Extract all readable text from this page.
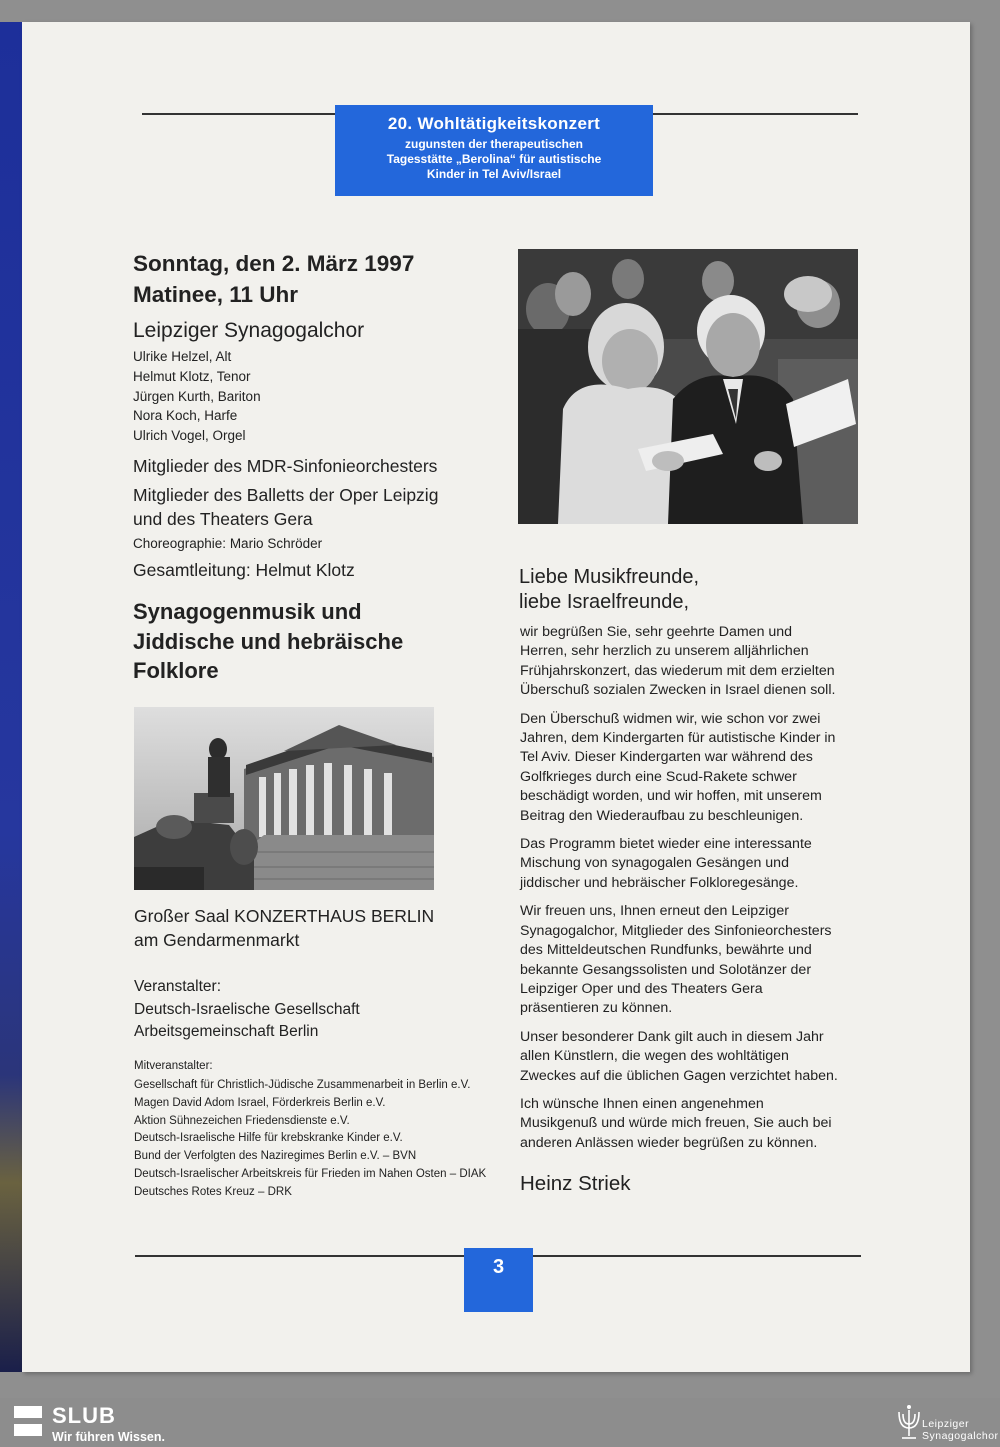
20. Wohltätigkeitskonzert
zugunsten der therapeutischen
Tagesstätte „Berolina“ für autistische
Kinder in Tel Aviv/Israel
Sonntag, den 2. März 1997
Matinee, 11 Uhr
Leipziger Synagogalchor
Ulrike Helzel, Alt
Helmut Klotz, Tenor
Jürgen Kurth, Bariton
Nora Koch, Harfe
Ulrich Vogel, Orgel
Mitglieder des MDR-Sinfonieorchesters
Mitglieder des Balletts der Oper Leipzig
und des Theaters Gera
Choreographie: Mario Schröder
Gesamtleitung: Helmut Klotz
Synagogenmusik und
Jiddische und hebräische
Folklore
Großer Saal KONZERTHAUS BERLIN
am Gendarmenmarkt
Veranstalter:
Deutsch-Israelische Gesellschaft
Arbeitsgemeinschaft Berlin
Mitveranstalter:
Gesellschaft für Christlich-Jüdische Zusammenarbeit in Berlin e.V.
Magen David Adom Israel, Förderkreis Berlin e.V.
Aktion Sühnezeichen Friedensdienste e.V.
Deutsch-Israelische Hilfe für krebskranke Kinder e.V.
Bund der Verfolgten des Naziregimes Berlin e.V. – BVN
Deutsch-Israelischer Arbeitskreis für Frieden im Nahen Osten – DIAK
Deutsches Rotes Kreuz – DRK
Liebe Musikfreunde,
liebe Israelfreunde,
wir begrüßen Sie, sehr geehrte Damen und
Herren, sehr herzlich zu unserem alljährlichen
Frühjahrskonzert, das wiederum mit dem erzielten
Überschuß sozialen Zwecken in Israel dienen soll.
Den Überschuß widmen wir, wie schon vor zwei
Jahren, dem Kindergarten für autistische Kinder in
Tel Aviv. Dieser Kindergarten war während des
Golfkrieges durch eine Scud-Rakete schwer
beschädigt worden, und wir hoffen, mit unserem
Beitrag den Wiederaufbau zu beschleunigen.
Das Programm bietet wieder eine interessante
Mischung von synagogalen Gesängen und
jiddischer und hebräischer Folkloregesänge.
Wir freuen uns, Ihnen erneut den Leipziger
Synagogalchor, Mitglieder des Sinfonieorchesters
des Mitteldeutschen Rundfunks, bewährte und
bekannte Gesangssolisten und Solotänzer der
Leipziger Oper und des Theaters Gera
präsentieren zu können.
Unser besonderer Dank gilt auch in diesem Jahr
allen Künstlern, die wegen des wohltätigen
Zweckes auf die üblichen Gagen verzichtet haben.
Ich wünsche Ihnen einen angenehmen
Musikgenuß und würde mich freuen, Sie auch bei
anderen Anlässen wieder begrüßen zu können.
Heinz Striek
3
SLUB
Wir führen Wissen.
Leipziger
Synagogalchor
